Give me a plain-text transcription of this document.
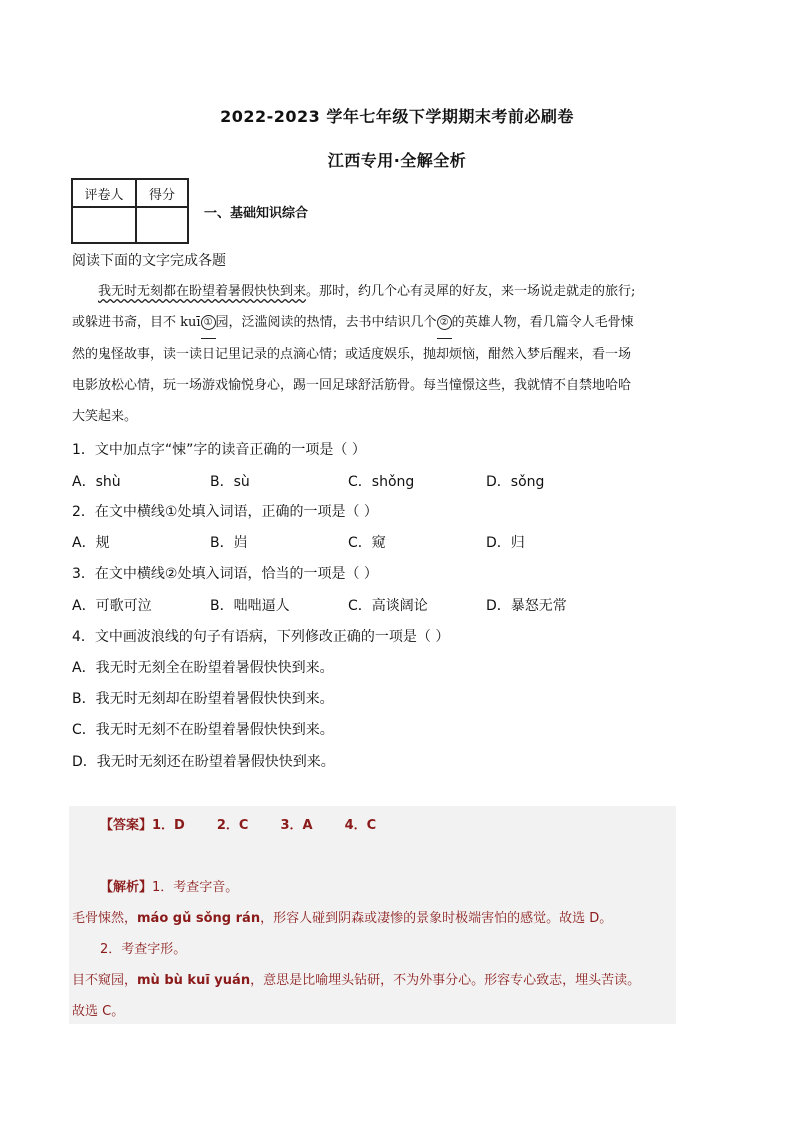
2022-2023 学年七年级下学期期末考前必刷卷
江西专用·全解全析
评卷人	得分

一、基础知识综合
阅读下面的文字完成各题
我无时无刻都在盼望着暑假快快到来。那时，约几个心有灵犀的好友，来一场说走就走的旅行;
或躲进书斋，目不 kuī ① 园，泛滥阅读的热情，去书中结识几个 ② 的英雄人物，看几篇令人毛骨悚
然的鬼怪故事，读一读日记里记录的点滴心情；或适度娱乐，抛却烦恼，酣然入梦后醒来，看一场
电影放松心情，玩一场游戏愉悦身心，踢一回足球舒活筋骨。每当憧憬这些，我就情不自禁地哈哈
大笑起来。
1．文中加点字“悚”字的读音正确的一项是（ ）
A．shù	B．sù	C．shǒng	D．sǒng
2．在文中横线①处填入词语，正确的一项是（ ）
A．规	B．岿	C．窥	D．归
3．在文中横线②处填入词语，恰当的一项是（ ）
A．可歌可泣	B．咄咄逼人	C．高谈阔论	D．暴怒无常
4．文中画波浪线的句子有语病，下列修改正确的一项是（ ）
A．我无时无刻全在盼望着暑假快快到来。
B．我无时无刻却在盼望着暑假快快到来。
C．我无时无刻不在盼望着暑假快快到来。
D．我无时无刻还在盼望着暑假快快到来。
【答案】1．D 2．C 3．A 4．C
【解析】1．考查字音。
毛骨悚然，máo gǔ sǒng rán，形容人碰到阴森或凄惨的景象时极端害怕的感觉。故选 D。
2．考查字形。
目不窥园，mù bù kuī yuán，意思是比喻埋头钻研，不为外事分心。形容专心致志，埋头苦读。
故选 C。
